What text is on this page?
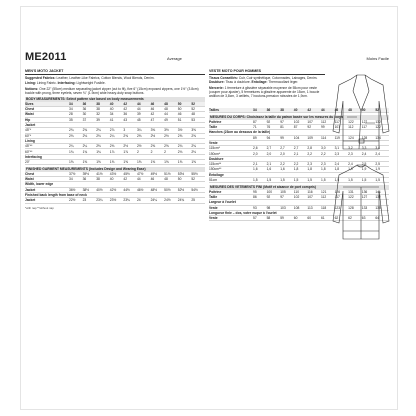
ME2011	Average	Moins Facile
MEN'S MOTO JACKET
Suggested Fabrics: Leather, Leather-Like Fabrics, Cotton Blends, Wool Blends, Denim.
Lining: Lining Fabric. Interfacing: Lightweight Fusible.
Notions: One 22" (55cm) medium separating jacket zipper (cut to fit), five 6" (15cm) exposed zippers, one 1½" (3.8cm) buckle with prong, three eyelets, seven ¾" (1.9cm) wide heavy-duty snap buttons.
BODY MEASUREMENTS: Select pattern size based on body measurements
Sizes	34	36	38	40	42	44	46	48	50	52
Chest	34	36	38	40	42	44	46	48	50	52
Waist	28	30	32	34	36	39	42	44	46	48
Hip	35	37	39	41	43	45	47	49	51	53
Jacket
45"*	2¾	2¾	2¾	2⅞	3	3¼	3⅜	3½	3½	3⅝
60"*	2⅛	2⅛	2⅛	2¼	2⅜	2⅜	2½	2½	2⅝	2⅝
Lining
45"**	2¼	2¼	2⅜	2⅜	2½	2½	2⅝	2⅝	2¾	2¾
60"**	1¾	1¾	1¾	1⅞	1⅞	2	2	2	2⅛	2⅛
Interfacing
20"	1⅝	1⅝	1⅝	1⅝	1⅝	1⅝	1⅝	1⅝	1⅝	1⅝
FINISHED GARMENT MEASUREMENTS (Includes Design and Wearing Ease)
Chest	37½	39½	41½	43½	45½	47½	49½	51½	53½	55½
Waist	34	36	38	40	42	44	46	48	50	52
Width, lower edge
Jacket	36½	38½	40½	42½	44½	46½	48½	50½	52½	54½
Finished back length from base of neck
Jacket	22½	23	23¼	23½	23¾	24	24¼	24½	24¾	25
*with nap **without nap
VESTE MOTO POUR HOMMES
Tissus Conseillés: Cuir, Cuir synthétique, Cotonnades, Lainages, Denim. Doublure: Tissu à doublure. Entoilage: Thermocollant léger.
Mercerie: 1 fermeture à glissière séparable moyenne de 55cm pour veste (couper pour ajuster), 5 fermetures à glissière apparente de 15cm, 1 boucle ardillon de 3,8cm, 3 oeillets, 7 boutons-pression robustes de 1,9cm.
Tailles	34	36	38	40	42	44	46	48	50	52
MESURES DU CORPS: Choisissez la taille du patron basée sur les mesures du corps
Poitrine	87	92	97	102	107	112	117	122	127	132
Taille	71	76	81	87	92	99	107	112	117	122
Hanches (23cm au dessous de la taille)
89	94	99	104	109	114	119	124	128	134
Veste
115cm*	2,6	2,7	2,7	2,7	2,8	3,0	3,1	3,2	3,3	3,4
150cm*	2,0	2,0	2,0	2,1	2,2	2,2	2,3	2,3	2,4	2,4
Doublure
115cm**	2,1	2,1	2,2	2,2	2,3	2,3	2,4	2,4	2,5	2,5
150cm**	1,6	1,6	1,6	1,8	1,8	1,8	1,8	1,9	1,9	1,9
Entoilage
51cm	1,5	1,5	1,5	1,5	1,5	1,5	1,5	1,5	1,5	1,5
MESURES DES VETEMENTS FINI (Motif et aisance de port compris)
Poitrine	95	100	105	110	116	121	126	131	136	141
Taille	86	92	97	102	107	112	117	122	127	132
Largeur à l'ourlet
Veste	93	98	103	108	113	118	123	128	133	138
Longueur finie – dos, votre nuque à l'ourlet
Veste	57	58	59	60	60	61	62	62	63	64
